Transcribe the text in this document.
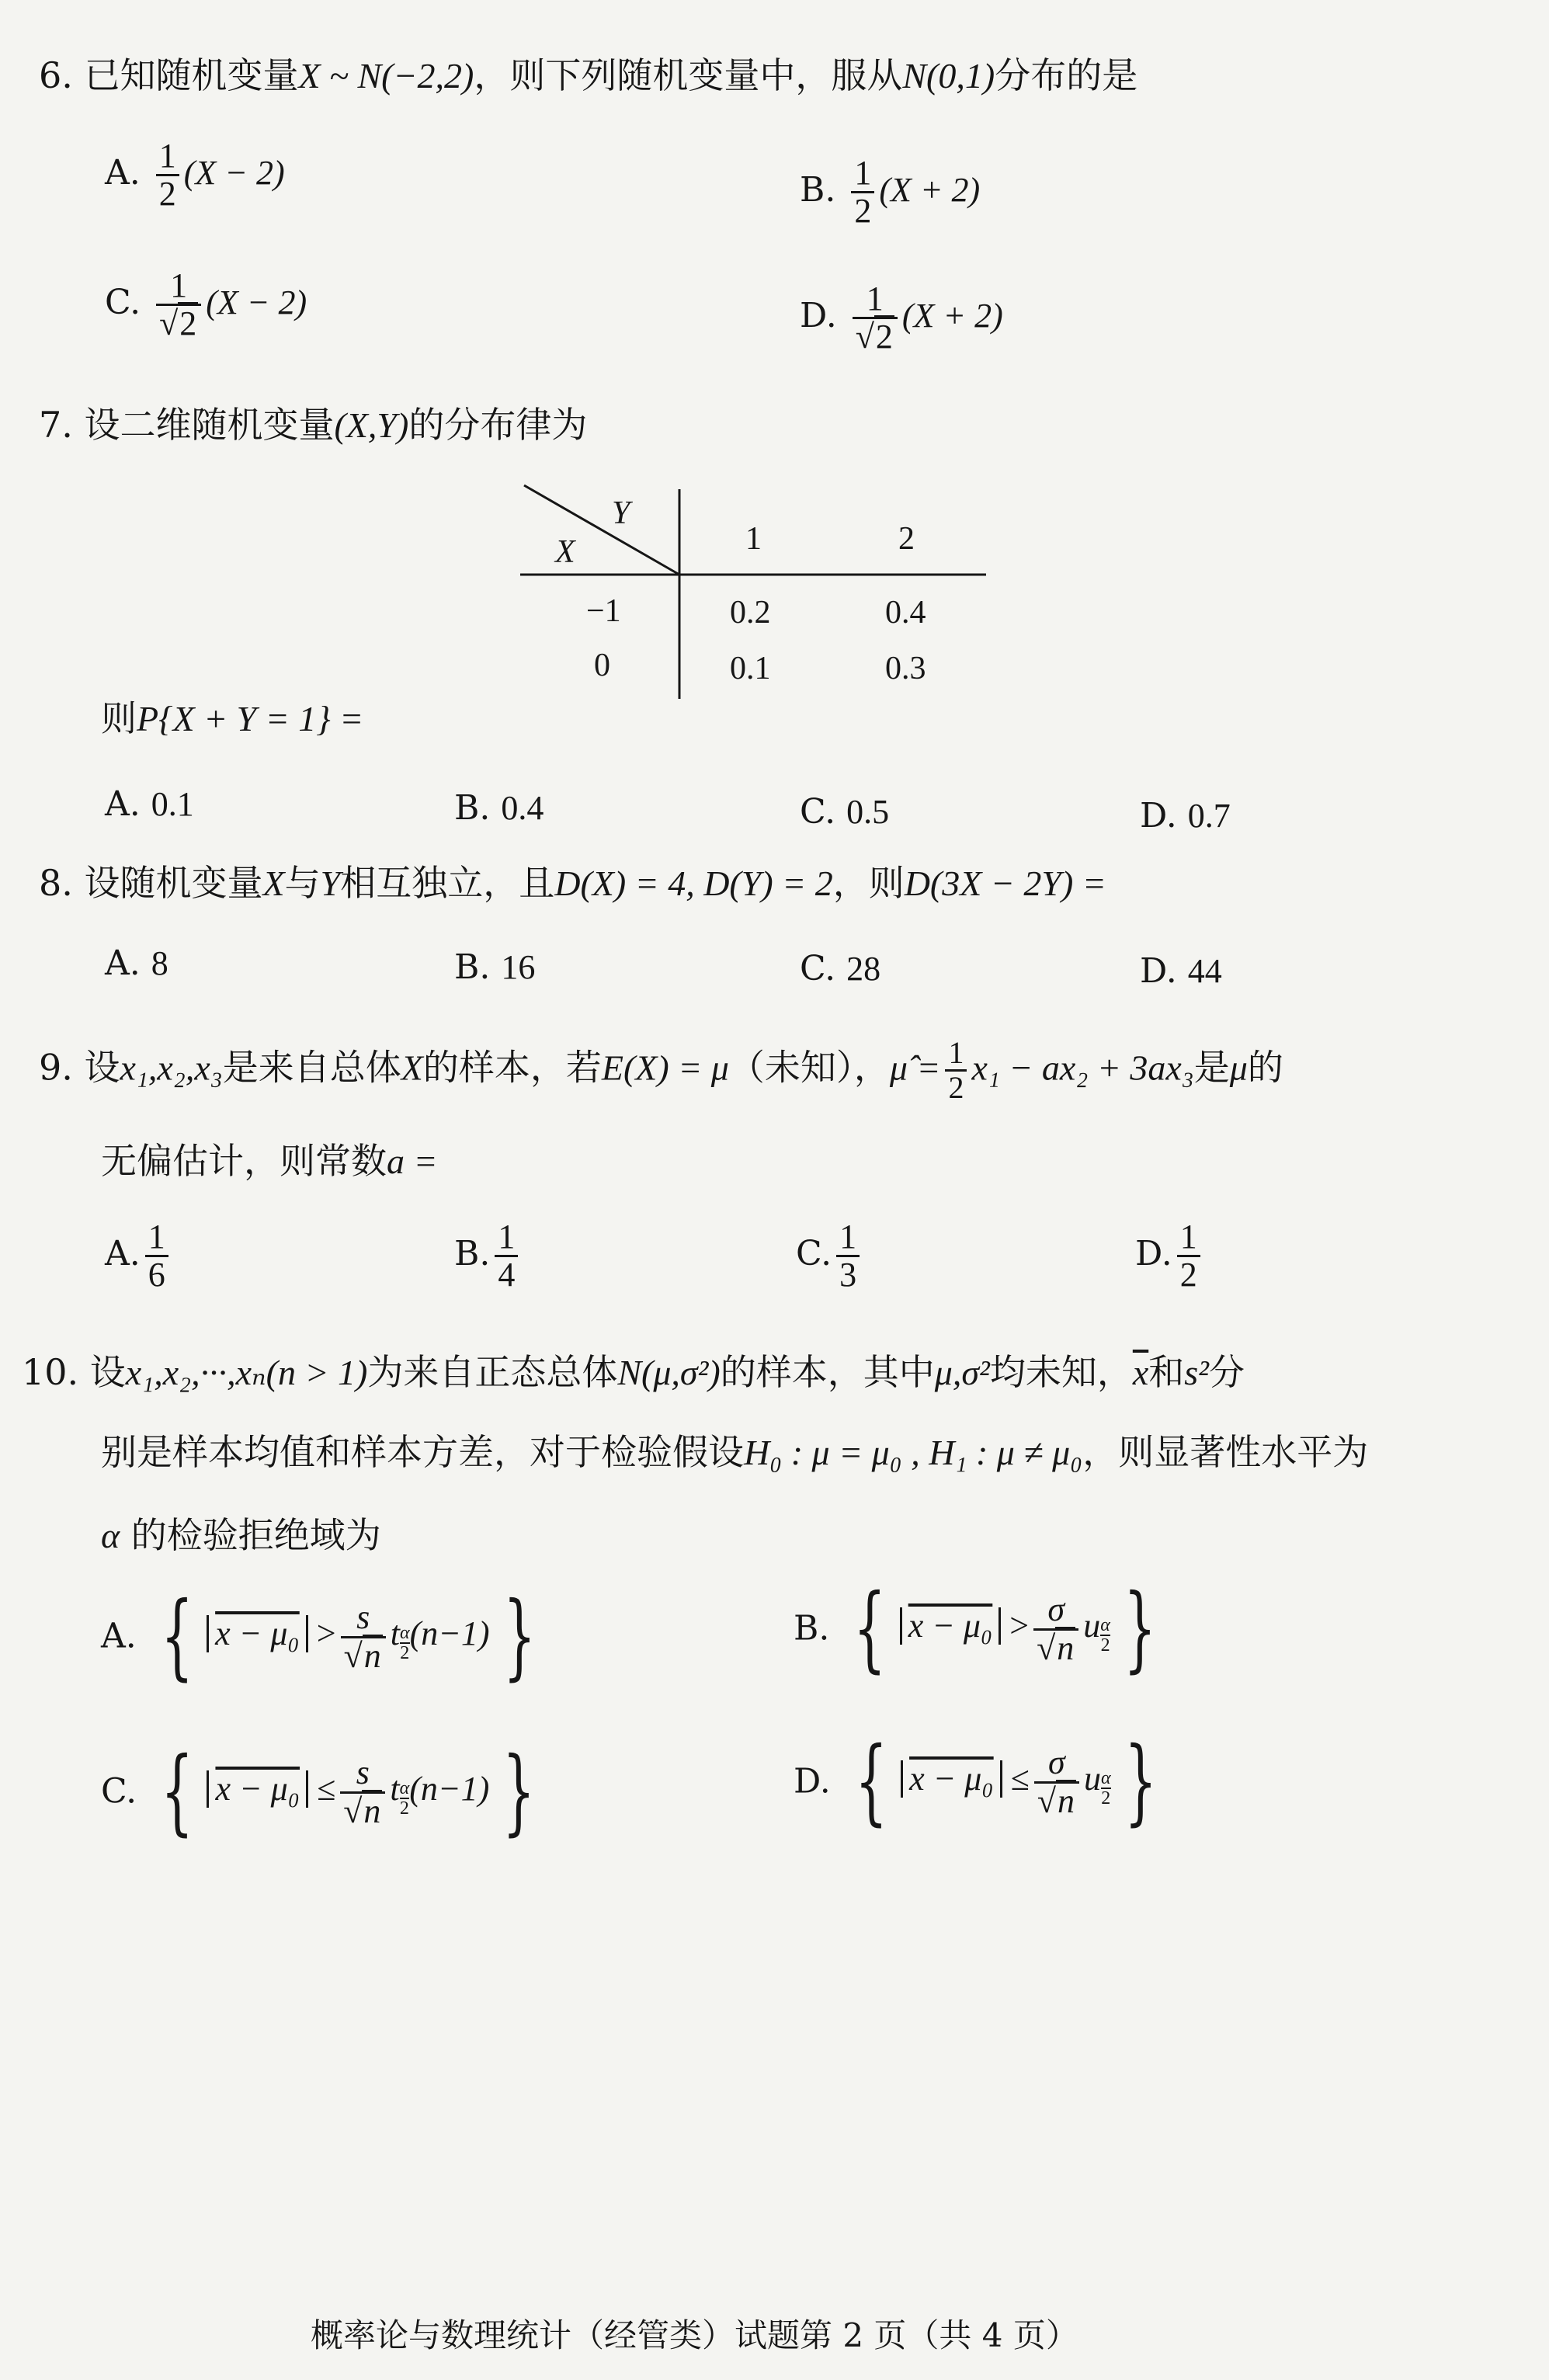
6. 已知随机变量X ~ N(−2,2)，则下列随机变量中，服从N(0,1)分布的是
A. $\frac{1}{2} (X - 2)$	B. $\frac{1}{2} (X + 2)$
C. $\frac{1}{√2} (X - 2)$	D. $\frac{1}{√2} (X + 2)$
7. 设二维随机变量(X,Y)的分布律为
Y
X	1	2
−1	0.2	0.4
0	0.1	0.3
则P{X + Y = 1} =
A. 0.1	B. 0.4	C. 0.5	D. 0.7
8. 设随机变量X与Y相互独立，且D(X) = 4, D(Y) = 2，则D(3X − 2Y) =
A. 8	B. 16	C. 28	D. 44
9. 设x₁,x₂,x₃是来自总体X的样本，若E(X) = μ（未知），μ̂ = $\frac{1}{2} x_1 - ax_2 + 3ax_3$是μ的
无偏估计，则常数a =
A. $\frac{1}{6}$	B. $\frac{1}{4}$	C. $\frac{1}{3}$	D. $\frac{1}{2}$
10. 设x₁,x₂,···,xₙ(n > 1)为来自正态总体N(μ,σ²)的样本，其中μ,σ²均未知，$\overline{x}$和s²分
别是样本均值和样本方差，对于检验假设H₀ : μ = μ₀ , H₁ : μ ≠ μ₀，则显著性水平为
α 的检验拒绝域为
A. { $x - \mu_0 > \frac{s}{√n}$ t $\frac{\alpha}{2} (n-1)$ }	B. { $x - \mu_0 > \frac{\sigma}{√n}$ u $\frac{\alpha}{2}$ }
C. { $x - \mu_0 \le \frac{s}{√n}$ t $\frac{\alpha}{2} (n-1)$ }	D. { $x - \mu_0 \le \frac{\sigma}{√n}$ u $\frac{\alpha}{2}$ }
概率论与数理统计（经管类）试题第 2 页（共 4 页）
